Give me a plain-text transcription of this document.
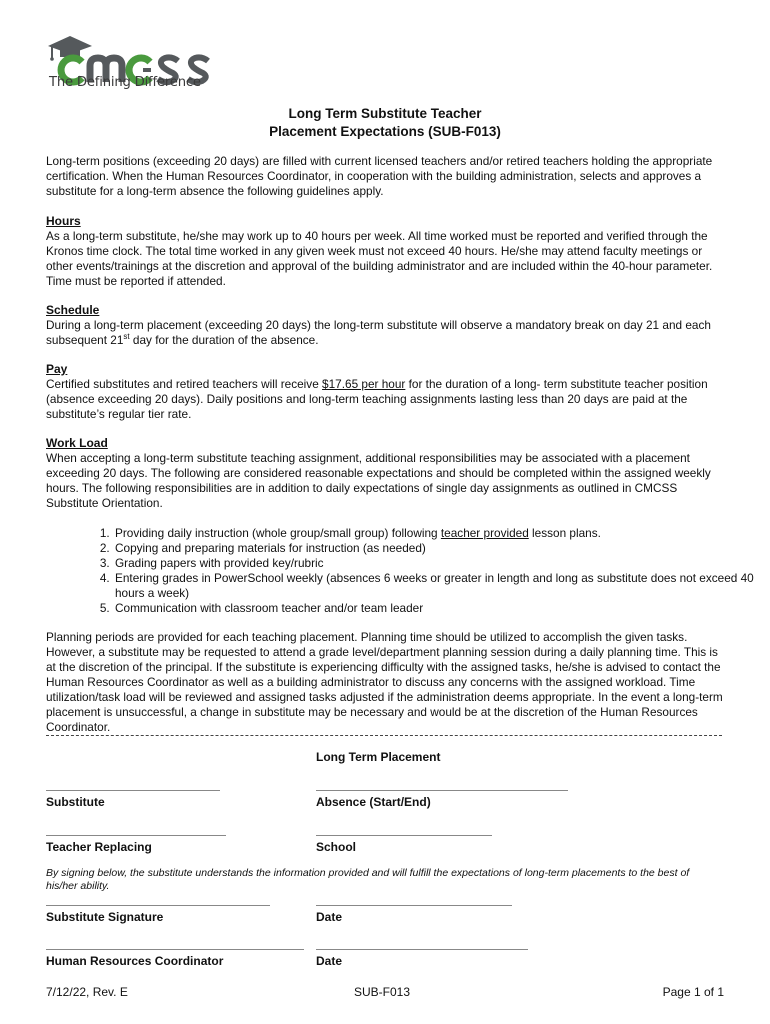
The Defining Difference
Long Term Substitute Teacher
Placement Expectations (SUB-F013)
Long-term positions (exceeding 20 days) are filled with current licensed teachers and/or retired teachers holding the appropriate certification. When the Human Resources Coordinator, in cooperation with the building administration, selects and approves a substitute for a long-term absence the following guidelines apply.
Hours
As a long-term substitute, he/she may work up to 40 hours per week. All time worked must be reported and verified through the Kronos time clock. The total time worked in any given week must not exceed 40 hours. He/she may attend faculty meetings or other events/trainings at the discretion and approval of the building administrator and are included within the 40-hour parameter. Time must be reported if attended.
Schedule
During a long-term placement (exceeding 20 days) the long-term substitute will observe a mandatory break on day 21 and each subsequent 21st day for the duration of the absence.
Pay
Certified substitutes and retired teachers will receive $17.65 per hour for the duration of a long- term substitute teacher position (absence exceeding 20 days). Daily positions and long-term teaching assignments lasting less than 20 days are paid at the substitute’s regular tier rate.
Work Load
When accepting a long-term substitute teaching assignment, additional responsibilities may be associated with a placement exceeding 20 days. The following are considered reasonable expectations and should be completed within the assigned weekly hours. The following responsibilities are in addition to daily expectations of single day assignments as outlined in CMCSS Substitute Orientation.
1. Providing daily instruction (whole group/small group) following teacher provided lesson plans.
2. Copying and preparing materials for instruction (as needed)
3. Grading papers with provided key/rubric
4. Entering grades in PowerSchool weekly (absences 6 weeks or greater in length and long as substitute does not exceed 40 hours a week)
5. Communication with classroom teacher and/or team leader
Planning periods are provided for each teaching placement. Planning time should be utilized to accomplish the given tasks. However, a substitute may be requested to attend a grade level/department planning session during a daily planning time. This is at the discretion of the principal. If the substitute is experiencing difficulty with the assigned tasks, he/she is advised to contact the Human Resources Coordinator as well as a building administrator to discuss any concerns with the assigned workload. Time utilization/task load will be reviewed and assigned tasks adjusted if the administration deems appropriate. In the event a long-term placement is unsuccessful, a change in substitute may be necessary and would be at the discretion of the Human Resources Coordinator.
Long Term Placement
Substitute	Absence (Start/End)
Teacher Replacing	School
By signing below, the substitute understands the information provided and will fulfill the expectations of long-term placements to the best of his/her ability.
Substitute Signature	Date
Human Resources Coordinator	Date
7/12/22, Rev. E	SUB-F013	Page 1 of 1
